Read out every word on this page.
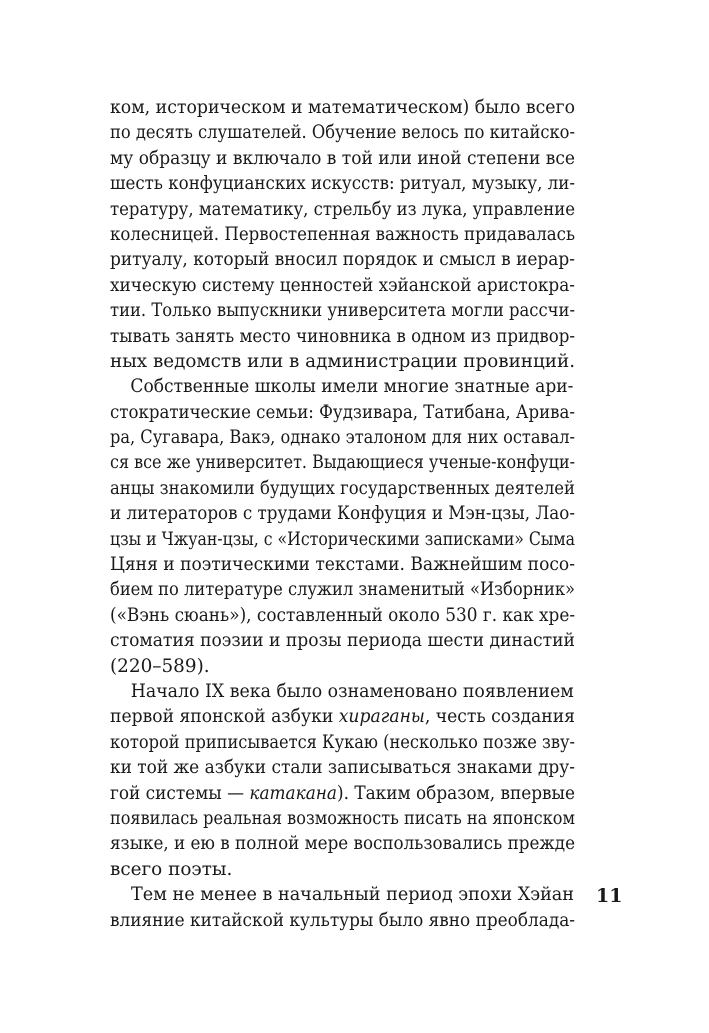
ком, историческом и математическом) было всего
по десять слушателей. Обучение велось по китайско-
му образцу и включало в той или иной степени все
шесть конфуцианских искусств: ритуал, музыку, ли-
тературу, математику, стрельбу из лука, управление
колесницей. Первостепенная важность придавалась
ритуалу, который вносил порядок и смысл в иерар-
хическую систему ценностей хэйанской аристокра-
тии. Только выпускники университета могли рассчи-
тывать занять место чиновника в одном из придвор-
ных ведомств или в администрации провинций.
Собственные школы имели многие знатные ари-
стократические семьи: Фудзивара, Татибана, Арива-
ра, Сугавара, Вакэ, однако эталоном для них оставал-
ся все же университет. Выдающиеся ученые-конфуци-
анцы знакомили будущих государственных деятелей
и литераторов с трудами Конфуция и Мэн-цзы, Лао-
цзы и Чжуан-цзы, с «Историческими записками» Сыма
Цяня и поэтическими текстами. Важнейшим посо-
бием по литературе служил знаменитый «Изборник»
(«Вэнь сюань»), составленный около 530 г. как хре-
стоматия поэзии и прозы периода шести династий
(220–589).
Начало IX века было ознаменовано появлением
первой японской азбуки хираганы, честь создания
которой приписывается Кукаю (несколько позже зву-
ки той же азбуки стали записываться знаками дру-
гой системы — катакана). Таким образом, впервые
появилась реальная возможность писать на японском
языке, и ею в полной мере воспользовались прежде
всего поэты.
Тем не менее в начальный период эпохи Хэйан
влияние китайской культуры было явно преоблада-
11
